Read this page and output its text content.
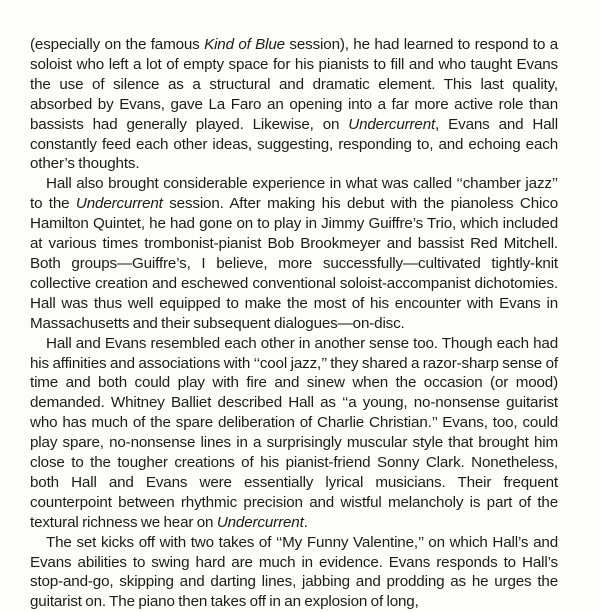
(especially on the famous Kind of Blue session), he had learned to respond to a soloist who left a lot of empty space for his pianists to fill and who taught Evans the use of silence as a structural and dramatic element. This last quality, absorbed by Evans, gave La Faro an opening into a far more active role than bassists had generally played. Likewise, on Undercurrent, Evans and Hall constantly feed each other ideas, suggesting, responding to, and echoing each other’s thoughts.

Hall also brought considerable experience in what was called ‘‘chamber jazz’’ to the Undercurrent session. After making his debut with the pianoless Chico Hamilton Quintet, he had gone on to play in Jimmy Guiffre’s Trio, which included at various times trombonist-pianist Bob Brookmeyer and bassist Red Mitchell. Both groups—Guiffre’s, I believe, more successfully—cultivated tightly-knit collective creation and eschewed conventional soloist-accompanist dichotomies. Hall was thus well equipped to make the most of his encounter with Evans in Massachusetts and their subsequent dialogues—on-disc.

Hall and Evans resembled each other in another sense too. Though each had his affinities and associations with ‘‘cool jazz,’’ they shared a razor-sharp sense of time and both could play with fire and sinew when the occasion (or mood) demanded. Whitney Balliet described Hall as ‘‘a young, no-nonsense guitarist who has much of the spare deliberation of Charlie Christian.’’ Evans, too, could play spare, no-nonsense lines in a surprisingly muscular style that brought him close to the tougher creations of his pianist-friend Sonny Clark. Nonetheless, both Hall and Evans were essentially lyrical musicians. Their frequent counterpoint between rhythmic precision and wistful melancholy is part of the textural richness we hear on Undercurrent.

The set kicks off with two takes of ‘‘My Funny Valentine,’’ on which Hall’s and Evans abilities to swing hard are much in evidence. Evans responds to Hall’s stop-and-go, skipping and darting lines, jabbing and prodding as he urges the guitarist on. The piano then takes off in an explosion of long,
